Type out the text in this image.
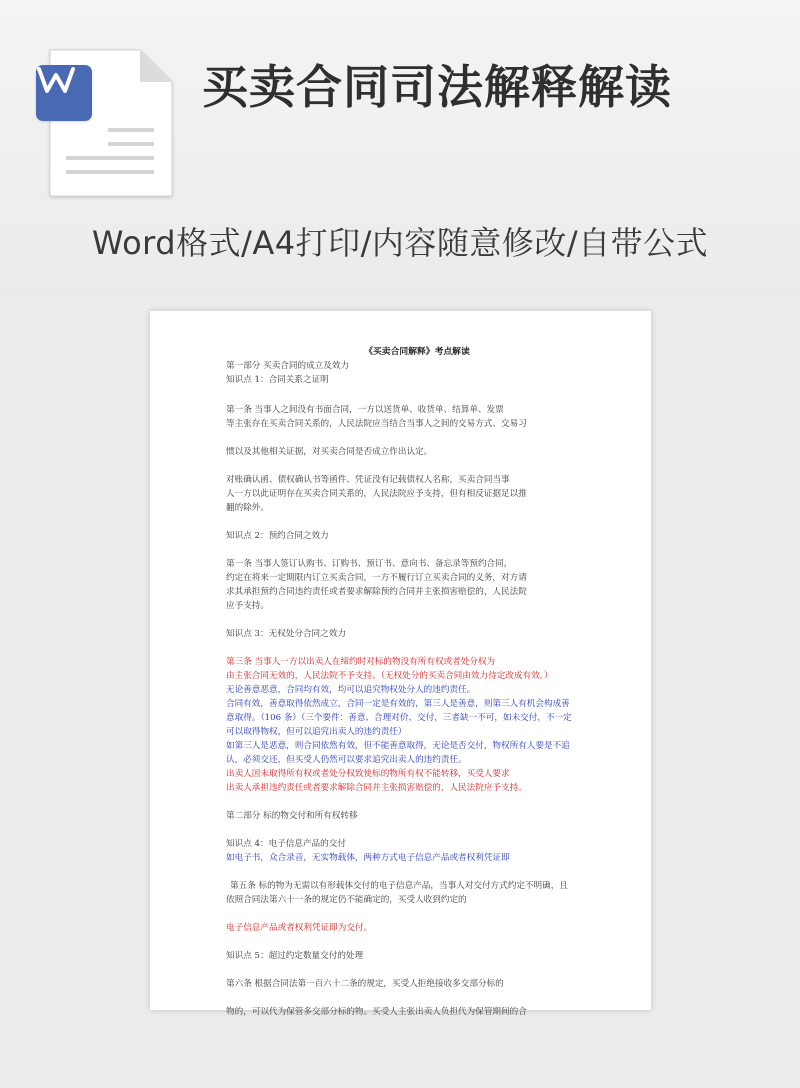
买卖合同司法解释解读
Word格式/A4打印/内容随意修改/自带公式
《买卖合同解释》考点解读
第一部分 买卖合同的成立及效力
知识点 1：合同关系之证明
第一条 当事人之间没有书面合同，一方以送货单、收货单、结算单、发票
等主张存在买卖合同关系的，人民法院应当结合当事人之间的交易方式、交易习
惯以及其他相关证据，对买卖合同是否成立作出认定。
对账确认函、债权确认书等函件、凭证没有记载债权人名称，买卖合同当事
人一方以此证明存在买卖合同关系的，人民法院应予支持，但有相反证据足以推
翻的除外。
知识点 2：预约合同之效力
第一条 当事人签订认购书、订购书、预订书、意向书、备忘录等预约合同，
约定在将来一定期限内订立买卖合同，一方不履行订立买卖合同的义务，对方请
求其承担预约合同违约责任或者要求解除预约合同并主张损害赔偿的，人民法院
应予支持。
知识点 3：无权处分合同之效力
第三条 当事人一方以出卖人在缔约时对标的物没有所有权或者处分权为
由主张合同无效的，人民法院不予支持。（无权处分的买卖合同由效力待定改成有效。）
无论善意恶意，合同均有效，均可以追究物权处分人的违约责任。
合同有效，善意取得依然成立，合同一定是有效的，第三人是善意，则第三人有机会构成善
意取得。（106 条）（三个要件：善意、合理对价、交付，三者缺一不可，如未交付，不一定
可以取得物权，但可以追究出卖人的违约责任）
如第三人是恶意，则合同依然有效，但不能善意取得，无论是否交付，物权所有人要是不追
认，必须交还，但买受人仍然可以要求追究出卖人的违约责任。
出卖人因未取得所有权或者处分权致使标的物所有权不能转移，买受人要求
出卖人承担违约责任或者要求解除合同并主张损害赔偿的，人民法院应予支持。
第二部分 标的物交付和所有权转移
知识点 4：电子信息产品的交付
如电子书，众合录音，无实物载体，两种方式电子信息产品或者权利凭证即
第五条 标的物为无需以有形载体交付的电子信息产品，当事人对交付方式约定不明确，且
依照合同法第六十一条的规定仍不能确定的，买受人收到约定的
电子信息产品或者权利凭证即为交付。
知识点 5：超过约定数量交付的处理
第六条 根据合同法第一百六十二条的规定，买受人拒绝接收多交部分标的
物的，可以代为保管多交部分标的物。买受人主张出卖人负担代为保管期间的合
